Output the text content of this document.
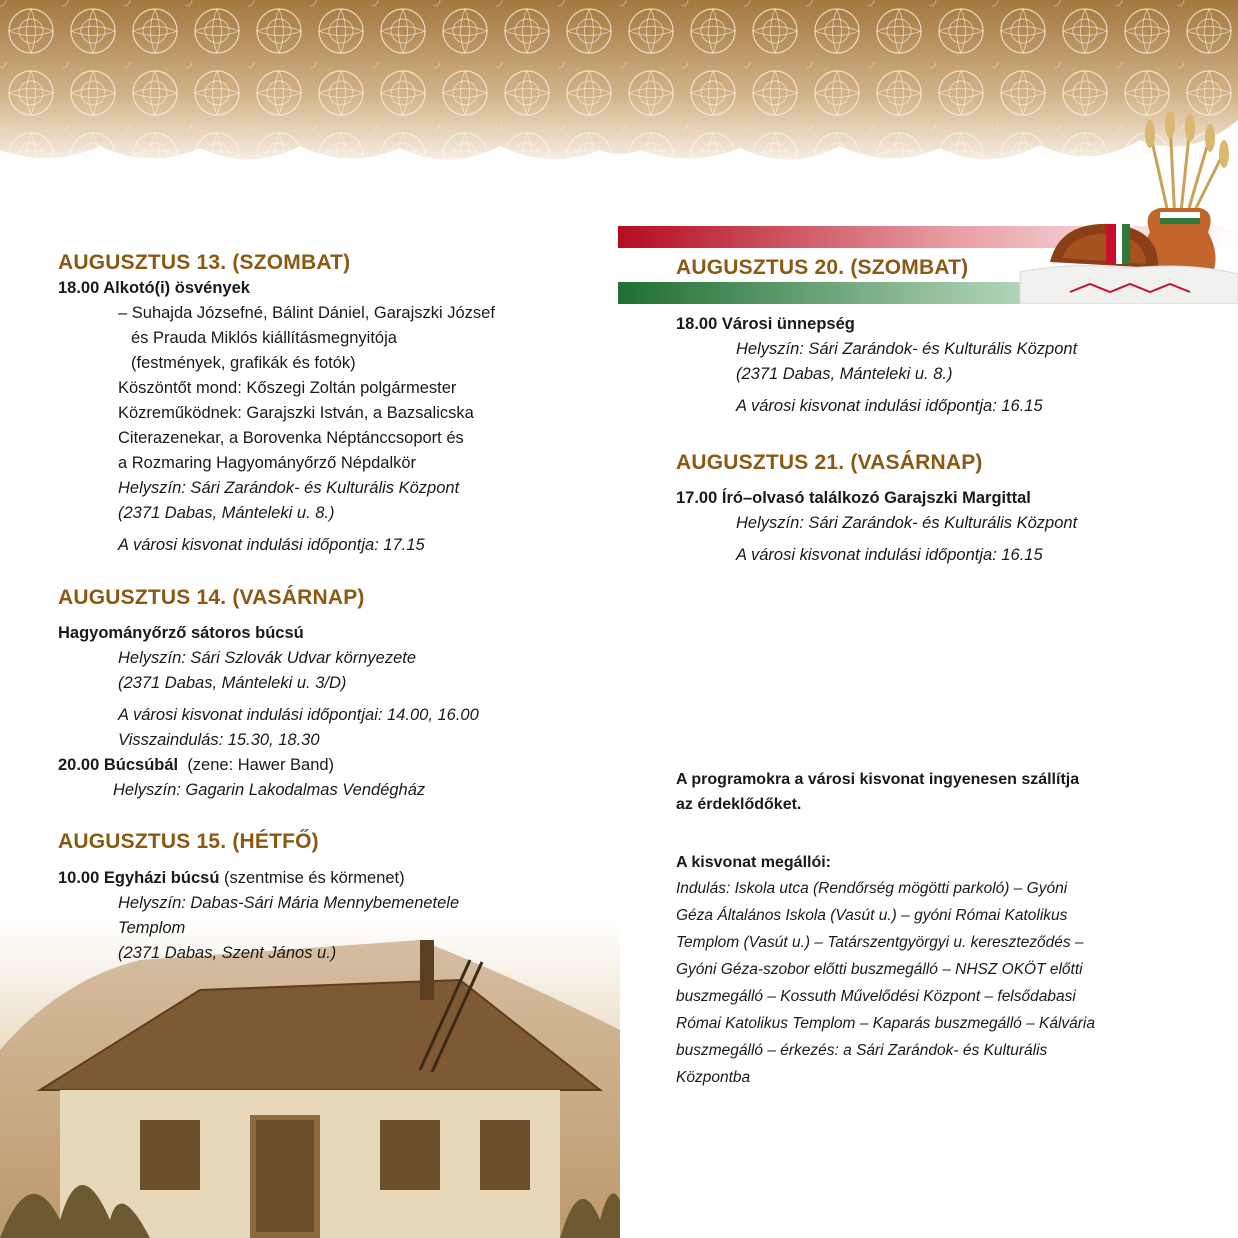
AUGUSZTUS 13. (SZOMBAT)
18.00 Alkotó(i) ösvények
– Suhajda Józsefné, Bálint Dániel, Garajszki József
és Prauda Miklós kiállításmegnyitója
(festmények, grafikák és fotók)
Köszöntőt mond: Kőszegi Zoltán polgármester
Közreműködnek: Garajszki István, a Bazsalicska
Citerazenekar, a Borovenka Néptánccsoport és
a Rozmaring Hagyományőrző Népdalkör
Helyszín: Sári Zarándok- és Kulturális Központ
(2371 Dabas, Mánteleki u. 8.)
A városi kisvonat indulási időpontja: 17.15
AUGUSZTUS 14. (VASÁRNAP)
Hagyományőrző sátoros búcsú
Helyszín: Sári Szlovák Udvar környezete
(2371 Dabas, Mánteleki u. 3/D)
A városi kisvonat indulási időpontjai: 14.00, 16.00
Visszaindulás: 15.30, 18.30
20.00 Búcsúbál (zene: Hawer Band)
Helyszín: Gagarin Lakodalmas Vendégház
AUGUSZTUS 15. (HÉTFŐ)
10.00 Egyházi búcsú (szentmise és körmenet)
Helyszín: Dabas-Sári Mária Mennybemenetele
Templom
(2371 Dabas, Szent János u.)
AUGUSZTUS 20. (SZOMBAT)
18.00 Városi ünnepség
Helyszín: Sári Zarándok- és Kulturális Központ
(2371 Dabas, Mánteleki u. 8.)
A városi kisvonat indulási időpontja: 16.15
AUGUSZTUS 21. (VASÁRNAP)
17.00 Író–olvasó találkozó Garajszki Margittal
Helyszín: Sári Zarándok- és Kulturális Központ
A városi kisvonat indulási időpontja: 16.15
A programokra a városi kisvonat ingyenesen szállítja
az érdeklődőket.
A kisvonat megállói:
Indulás: Iskola utca (Rendőrség mögötti parkoló) – Gyóni
Géza Általános Iskola (Vasút u.) – gyóni Római Katolikus
Templom (Vasút u.) – Tatárszentgyörgyi u. kereszteződés –
Gyóni Géza-szobor előtti buszmegálló – NHSZ OKÖT előtti
buszmegálló – Kossuth Művelődési Központ – felsődabasi
Római Katolikus Templom – Kaparás buszmegálló – Kálvária
buszmegálló – érkezés: a Sári Zarándok- és Kulturális
Központba
